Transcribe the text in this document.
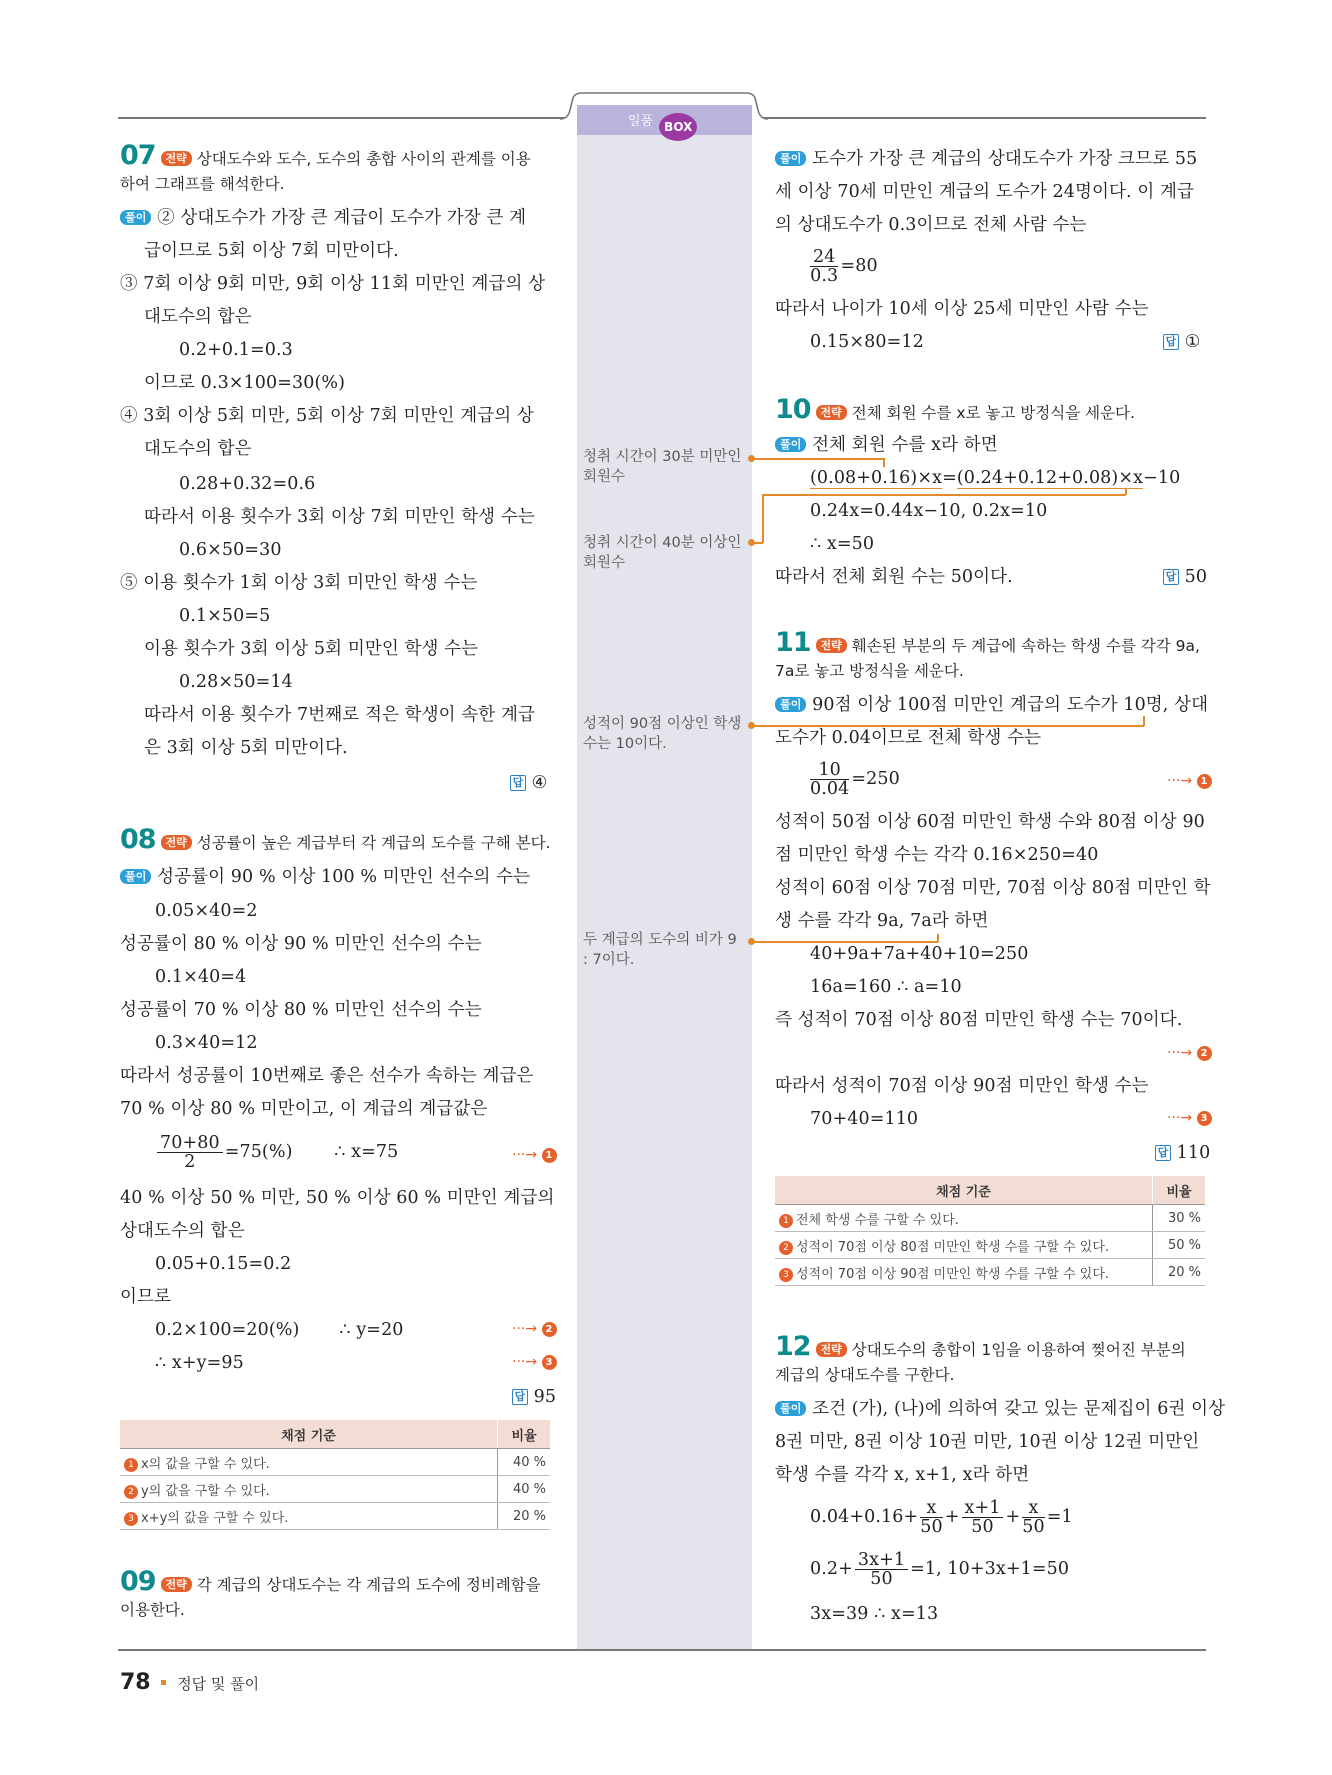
일품 BOX
07 전략 상대도수와 도수, 도수의 총합 사이의 관계를 이용
하여 그래프를 해석한다.
풀이 ② 상대도수가 가장 큰 계급이 도수가 가장 큰 계
급이므로 5회 이상 7회 미만이다.
③ 7회 이상 9회 미만, 9회 이상 11회 미만인 계급의 상
대도수의 합은
0.2+0.1=0.3
이므로 0.3×100=30(%)
④ 3회 이상 5회 미만, 5회 이상 7회 미만인 계급의 상
대도수의 합은
0.28+0.32=0.6
따라서 이용 횟수가 3회 이상 7회 미만인 학생 수는
0.6×50=30
⑤ 이용 횟수가 1회 이상 3회 미만인 학생 수는
0.1×50=5
이용 횟수가 3회 이상 5회 미만인 학생 수는
0.28×50=14
따라서 이용 횟수가 7번째로 적은 학생이 속한 계급
은 3회 이상 5회 미만이다.
답 ④
08 전략 성공률이 높은 계급부터 각 계급의 도수를 구해 본다.
풀이 성공률이 90 % 이상 100 % 미만인 선수의 수는
0.05×40=2
성공률이 80 % 이상 90 % 미만인 선수의 수는
0.1×40=4
성공률이 70 % 이상 80 % 미만인 선수의 수는
0.3×40=12
따라서 성공률이 10번째로 좋은 선수가 속하는 계급은
70 % 이상 80 % 미만이고, 이 계급의 계급값은
$\frac{70+80}{2} =75(\%)$ ∴ x=75	···→ 1
40 % 이상 50 % 미만, 50 % 이상 60 % 미만인 계급의
상대도수의 합은
0.05+0.15=0.2
이므로
0.2×100=20(%) ∴ y=20	···→ 2
∴ x+y=95	···→ 3
답 95
채점 기준	비율
1 x의 값을 구할 수 있다.	40 %
2 y의 값을 구할 수 있다.	40 %
3 x+y의 값을 구할 수 있다.	20 %
09 전략 각 계급의 상대도수는 각 계급의 도수에 정비례함을
이용한다.
청취 시간이 30분 미만인 회원수
청취 시간이 40분 이상인 회원수
성적이 90점 이상인 학생수는 10이다.
두 계급의 도수의 비가 9 : 7이다.
풀이 도수가 가장 큰 계급의 상대도수가 가장 크므로 55
세 이상 70세 미만인 계급의 도수가 24명이다. 이 계급
의 상대도수가 0.3이므로 전체 사람 수는
$\frac{24}{0.3} =80$
따라서 나이가 10세 이상 25세 미만인 사람 수는
0.15×80=12	답 ①
10 전략 전체 회원 수를 x로 놓고 방정식을 세운다.
풀이 전체 회원 수를 x라 하면
(0.08+0.16)×x=(0.24+0.12+0.08)×x−10
0.24x=0.44x−10, 0.2x=10
∴ x=50
따라서 전체 회원 수는 50이다.	답 50
11 전략 훼손된 부분의 두 계급에 속하는 학생 수를 각각 9a,
7a로 놓고 방정식을 세운다.
풀이 90점 이상 100점 미만인 계급의 도수가 10명, 상대
도수가 0.04이므로 전체 학생 수는
$\frac{10}{0.04} =250$	···→ 1
성적이 50점 이상 60점 미만인 학생 수와 80점 이상 90
점 미만인 학생 수는 각각 0.16×250=40
성적이 60점 이상 70점 미만, 70점 이상 80점 미만인 학
생 수를 각각 9a, 7a라 하면
40+9a+7a+40+10=250
16a=160 ∴ a=10
즉 성적이 70점 이상 80점 미만인 학생 수는 70이다.
···→ 2
따라서 성적이 70점 이상 90점 미만인 학생 수는
70+40=110	···→ 3
답 110
채점 기준	비율
1 전체 학생 수를 구할 수 있다.	30 %
2 성적이 70점 이상 80점 미만인 학생 수를 구할 수 있다.	50 %
3 성적이 70점 이상 90점 미만인 학생 수를 구할 수 있다.	20 %
12 전략 상대도수의 총합이 1임을 이용하여 찢어진 부분의
계급의 상대도수를 구한다.
풀이 조건 (가), (나)에 의하여 갖고 있는 문제집이 6권 이상
8권 미만, 8권 이상 10권 미만, 10권 이상 12권 미만인
학생 수를 각각 x, x+1, x라 하면
$0.04+0.16+ \frac{x}{50} + \frac{x+1}{50} + \frac{x}{50} =1$
$0.2+ \frac{3x+1}{50} =1$, 10+3x+1=50
3x=39 ∴ x=13
78 정답 및 풀이
